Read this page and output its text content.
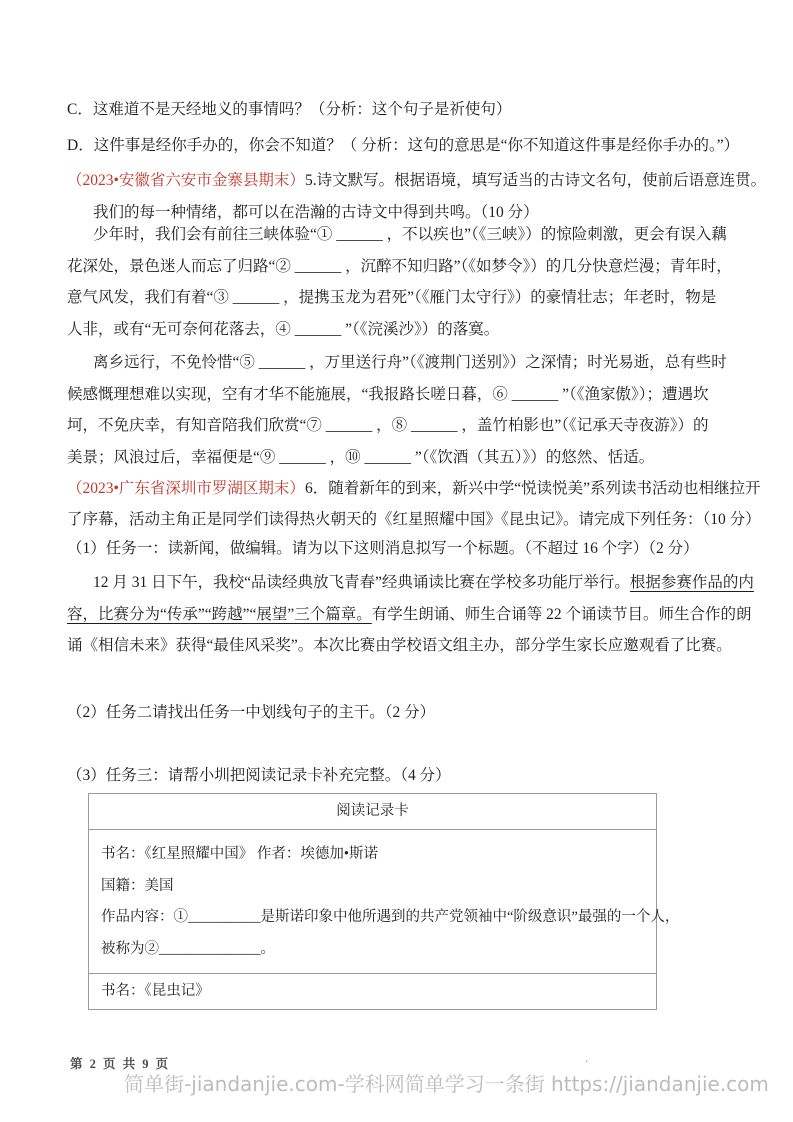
C．这难道不是天经地义的事情吗？（分析：这个句子是祈使句）
D．这件事是经你手办的，你会不知道？（ 分析：这句的意思是“你不知道这件事是经你手办的。”）
（2023•安徽省六安市金寨县期末）5.诗文默写。根据语境，填写适当的古诗文名句，使前后语意连贯。
我们的每一种情绪，都可以在浩瀚的古诗文中得到共鸣。（10 分）
少年时，我们会有前往三峡体验“① ______ ，不以疾也”（《三峡》）的惊险刺激，更会有误入藕
花深处，景色迷人而忘了归路“② ______ ，沉醉不知归路”（《如梦令》）的几分快意烂漫；青年时，
意气风发，我们有着“③ ______ ，提携玉龙为君死”（《雁门太守行》）的豪情壮志；年老时，物是
人非，或有“无可奈何花落去，④ ______ ”（《浣溪沙》）的落寞。
离乡远行，不免怜惜“⑤ ______ ，万里送行舟”（《渡荆门送别》）之深情；时光易逝，总有些时
候感慨理想难以实现，空有才华不能施展，“我报路长嗟日暮，⑥ ______ ”（《渔家傲》）；遭遇坎
坷，不免庆幸，有知音陪我们欣赏“⑦ ______ ，⑧ ______ ，盖竹柏影也”（《记承天寺夜游》）的
美景；风浪过后，幸福便是“⑨ ______ ，⑩ ______ ”（《饮酒（其五）》）的悠然、恬适。
（2023•广东省深圳市罗湖区期末）6．随着新年的到来，新兴中学“悦读悦美”系列读书活动也相继拉开
了序幕，活动主角正是同学们读得热火朝天的《红星照耀中国》《昆虫记》。请完成下列任务：（10 分）
（1）任务一：读新闻，做编辑。请为以下这则消息拟写一个标题。（不超过 16 个字）（2 分）
12 月 31 日下午，我校“品读经典放飞青春”经典诵读比赛在学校多功能厅举行。根据参赛作品的内
容，比赛分为“传承”“跨越”“展望”三个篇章。有学生朗诵、师生合诵等 22 个诵读节目。师生合作的朗
诵《相信未来》获得“最佳风采奖”。本次比赛由学校语文组主办，部分学生家长应邀观看了比赛。
（2）任务二请找出任务一中划线句子的主干。（2 分）
（3）任务三：请帮小圳把阅读记录卡补充完整。（4 分）
阅读记录卡
书名：《红星照耀中国》 作者：埃德加•斯诺
国籍：美国
作品内容：①__________是斯诺印象中他所遇到的共产党领袖中“阶级意识”最强的一个人，
被称为②______________。
书名：《昆虫记》
第 2 页 共 9 页	.
简单街-jiandanjie.com-学科网简单学习一条街 https://jiandanjie.com
